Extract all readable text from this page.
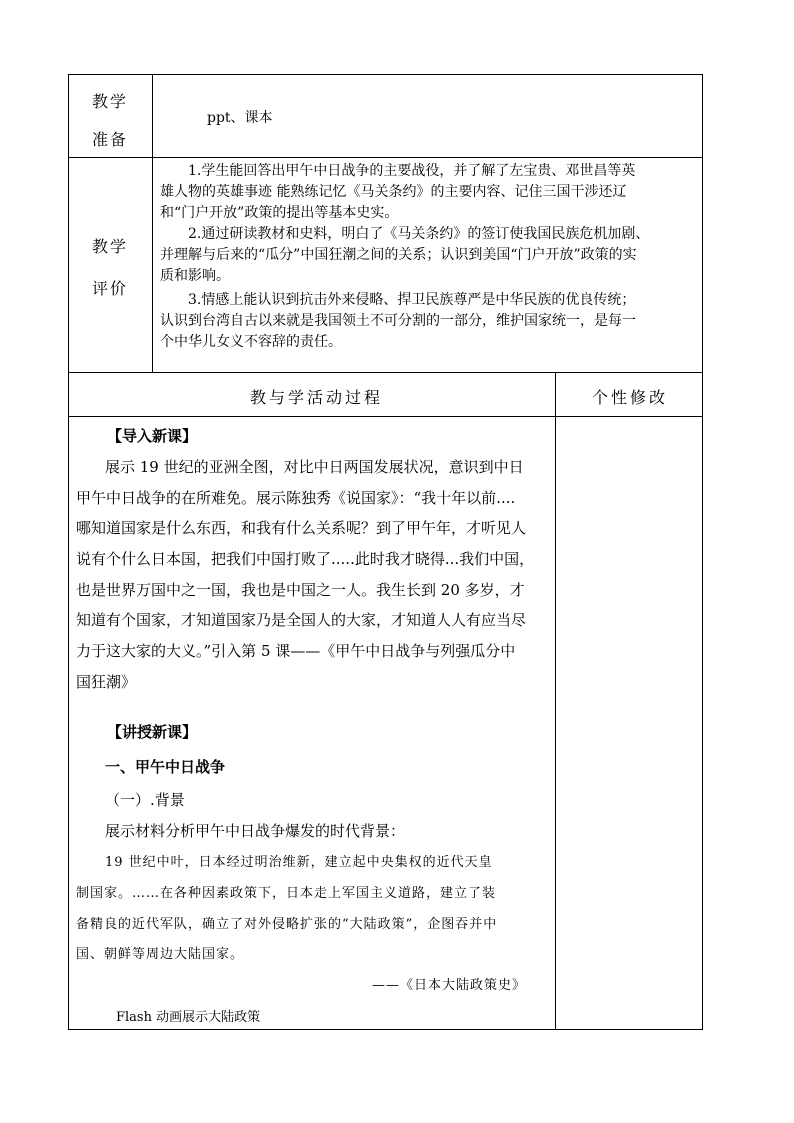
教学
准备
ppt、课本
教学
评价
1.学生能回答出甲午中日战争的主要战役，并了解了左宝贵、邓世昌等英
雄人物的英雄事迹 能熟练记忆《马关条约》的主要内容、记住三国干涉还辽
和“门户开放”政策的提出等基本史实。
2.通过研读教材和史料，明白了《马关条约》的签订使我国民族危机加剧、
并理解与后来的“瓜分”中国狂潮之间的关系；认识到美国“门户开放”政策的实
质和影响。
3.情感上能认识到抗击外来侵略、捍卫民族尊严是中华民族的优良传统；
认识到台湾自古以来就是我国领土不可分割的一部分，维护国家统一，是每一
个中华儿女义不容辞的责任。
教与学活动过程	个性修改
【导入新课】
展示 19 世纪的亚洲全图，对比中日两国发展状况，意识到中日
甲午中日战争的在所难免。展示陈独秀《说国家》：“我十年以前....
哪知道国家是什么东西，和我有什么关系呢？到了甲午年，才听见人
说有个什么日本国，把我们中国打败了.....此时我才晓得...我们中国，
也是世界万国中之一国，我也是中国之一人。我生长到 20 多岁，才
知道有个国家，才知道国家乃是全国人的大家，才知道人人有应当尽
力于这大家的大义。”引入第 5 课——《甲午中日战争与列强瓜分中
国狂潮》
【讲授新课】
一、甲午中日战争
（一）.背景
展示材料分析甲午中日战争爆发的时代背景：
19 世纪中叶，日本经过明治维新，建立起中央集权的近代天皇
制国家。……在各种因素政策下，日本走上军国主义道路，建立了装
备精良的近代军队，确立了对外侵略扩张的“大陆政策”，企图吞并中
国、朝鲜等周边大陆国家。
——《日本大陆政策史》
Flash 动画展示大陆政策
